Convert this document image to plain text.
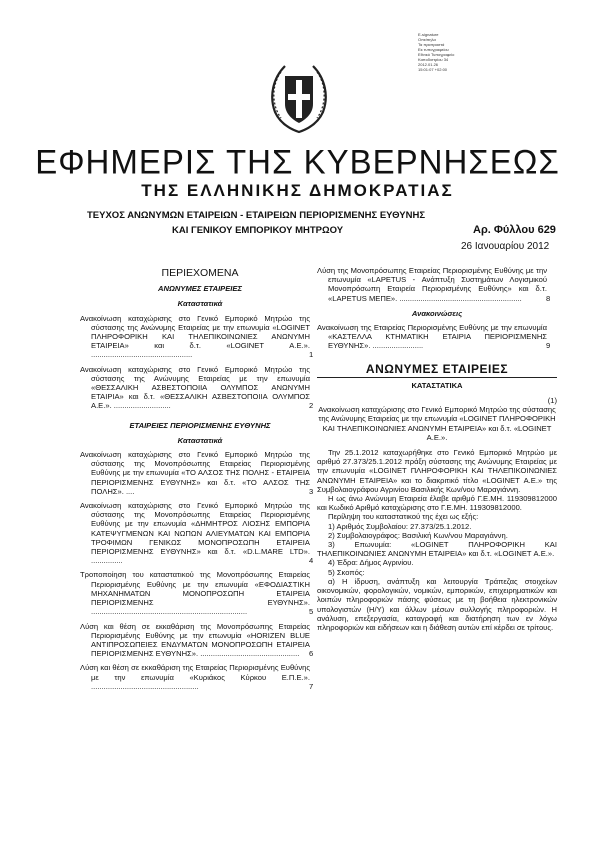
Ε-signature
Οπείπηλα
Τα πριστραστά
Εκ τυπογραφείου
Εθνικό Τυπογραφείο
Καποδιστρίου 34
2012.01.26
15:01:07 +02:00
ΕΦΗΜΕΡΙΣ ΤΗΣ ΚΥΒΕΡΝΗΣΕΩΣ
ΤΗΣ ΕΛΛΗΝΙΚΗΣ ΔΗΜΟΚΡΑΤΙΑΣ
ΤΕΥΧΟΣ ΑΝΩΝΥΜΩΝ ΕΤΑΙΡΕΙΩΝ - ΕΤΑΙΡΕΙΩΝ ΠΕΡΙΟΡΙΣΜΕΝΗΣ ΕΥΘΥΝΗΣ
ΚΑΙ ΓΕΝΙΚΟΥ ΕΜΠΟΡΙΚΟΥ ΜΗΤΡΩΟΥ	Αρ. Φύλλου 629
26 Ιανουαρίου 2012
ΠΕΡΙΕΧΟΜΕΝΑ
ΑΝΩΝΥΜΕΣ ΕΤΑΙΡΕΙΕΣ
Καταστατικά
Ανακοίνωση καταχώρισης στο Γενικό Εμπορικό Μητρώο της σύστασης της Ανώνυμης Εταιρείας με την επωνυμία «LOGINET ΠΛΗΡΟΦΟΡΙΚΗ ΚΑΙ ΤΗΛΕΠΙΚΟΙΝΩΝΙΕΣ ΑΝΩΝΥΜΗ ΕΤΑΙΡΕΙΑ» και δ.τ. «LOGINET Α.Ε.». ................................................	1
Ανακοίνωση καταχώρισης στο Γενικό Εμπορικό Μητρώο της σύστασης της Ανώνυμης Εταιρείας με την επωνυμία «ΘΕΣΣΑΛΙΚΗ ΑΣΒΕΣΤΟΠΟΙΙΑ ΟΛΥΜΠΟΣ ΑΝΩΝΥΜΗ ΕΤΑΙΡΙΑ» και δ.τ. «ΘΕΣΣΑΛΙΚΗ ΑΣΒΕΣΤΟΠΟΙΙΑ ΟΛΥΜΠΟΣ Α.Ε.». ...........................	2
ΕΤΑΙΡΕΙΕΣ ΠΕΡΙΟΡΙΣΜΕΝΗΣ ΕΥΘΥΝΗΣ
Καταστατικά
Ανακοίνωση καταχώρισης στο Γενικό Εμπορικό Μητρώο της σύστασης της Μονοπρόσωπης Εταιρείας Περιορισμένης Ευθύνης με την επωνυμία «ΤΟ ΑΛΣΟΣ ΤΗΣ ΠΟΛΗΣ - ΕΤΑΙΡΕΙΑ ΠΕΡΙΟΡΙΣΜΕΝΗΣ ΕΥΘΥΝΗΣ» και δ.τ. «ΤΟ ΑΛΣΟΣ ΤΗΣ ΠΟΛΗΣ». ....	3
Ανακοίνωση καταχώρισης στο Γενικό Εμπορικό Μητρώο της σύστασης της Μονοπρόσωπης Εταιρείας Περιορισμένης Ευθύνης με την επωνυμία «ΔΗΜΗΤΡΟΣ ΛΙΟΣΗΣ ΕΜΠΟΡΙΑ ΚΑΤΕΨΥΓΜΕΝΩΝ ΚΑΙ ΝΩΠΩΝ ΑΛΙΕΥΜΑΤΩΝ ΚΑΙ ΕΜΠΟΡΙΑ ΤΡΟΦΙΜΩΝ ΓΕΝΙΚΩΣ ΜΟΝΟΠΡΟΣΩΠΗ ΕΤΑΙΡΕΙΑ ΠΕΡΙΟΡΙΣΜΕΝΗΣ ΕΥΘΥΝΗΣ» και δ.τ. «D.L.MARE LTD». ...............	4
Τροποποίηση του καταστατικού της Μονοπρόσωπης Εταιρείας Περιορισμένης Ευθύνης με την επωνυμία «ΕΦΟΔΙΑΣΤΙΚΗ ΜΗΧΑΝΗΜΑΤΩΝ ΜΟΝΟΠΡΟΣΩΠΗ ΕΤΑΙΡΕΙΑ ΠΕΡΙΟΡΙΣΜΕΝΗΣ ΕΥΘΥΝΗΣ». ..........................................................................	5
Λύση και θέση σε εκκαθάριση της Μονοπρόσωπης Εταιρείας Περιορισμένης Ευθύνης με την επωνυμία «HORIZEN BLUE ΑΝΤΙΠΡΟΣΩΠΕΙΕΣ ΕΝΔΥΜΑΤΩΝ ΜΟΝΟΠΡΟΣΩΠΗ ΕΤΑΙΡΕΙΑ ΠΕΡΙΟΡΙΣΜΕΝΗΣ ΕΥΘΥΝΗΣ». ............................................... 6
Λύση και θέση σε εκκαθάριση της Εταιρείας Περιορισμένης Ευθύνης με την επωνυμία «Κυριάκος Κύρκου Ε.Π.Ε.». ...................................................	7
Λύση της Μονοπρόσωπης Εταιρείας Περιορισμένης Ευθύνης με την επωνυμία «LAPETUS - Ανάπτυξη Συστημάτων Λογισμικού Μονοπρόσωπη Εταιρεία Περιορισμένης Ευθύνης» και δ.τ. «LAPETUS ΜΕΠΕ». ..........................................................	8
Ανακοινώσεις
Ανακοίνωση της Εταιρείας Περιορισμένης Ευθύνης με την επωνυμία «ΚΑΣΤΕΛΛΑ ΚΤΗΜΑΤΙΚΗ ΕΤΑΙΡΙΑ ΠΕΡΙΟΡΙΣΜΕΝΗΣ ΕΥΘΥΝΗΣ». ........................	9
ΑΝΩΝΥΜΕΣ ΕΤΑΙΡΕΙΕΣ
ΚΑΤΑΣΤΑΤΙΚΑ
(1)
Ανακοίνωση καταχώρισης στο Γενικό Εμπορικό Μητρώο της σύστασης της Ανώνυμης Εταιρείας με την επωνυμία «LOGINET ΠΛΗΡΟΦΟΡΙΚΗ ΚΑΙ ΤΗΛΕΠΙΚΟΙΝΩΝΙΕΣ ΑΝΩΝΥΜΗ ΕΤΑΙΡΕΙΑ» και δ.τ. «LOGINET Α.Ε.».
Την 25.1.2012 καταχωρήθηκε στο Γενικό Εμπορικό Μητρώο με αριθμό 27.373/25.1.2012 πράξη σύστασης της Ανώνυμης Εταιρείας με την επωνυμία «LOGINET ΠΛΗΡΟΦΟΡΙΚΗ ΚΑΙ ΤΗΛΕΠΙΚΟΙΝΩΝΙΕΣ ΑΝΩΝΥΜΗ ΕΤΑΙΡΕΙΑ» και το διακριτικό τίτλο «LOGINET Α.Ε.» της Συμβολαιογράφου Αγρινίου Βασιλικής Κων/νου Μαραγιάννη.
Η ως άνω Ανώνυμη Εταιρεία έλαβε αριθμό Γ.Ε.ΜΗ. 119309812000 και Κωδικό Αριθμό καταχώρισης στο Γ.Ε.ΜΗ. 119309812000.
Περίληψη του καταστατικού της έχει ως εξής:
1) Αριθμός Συμβολαίου: 27.373/25.1.2012.
2) Συμβολαιογράφος: Βασιλική Κων/νου Μαραγιάννη.
3) Επωνυμία: «LOGINET ΠΛΗΡΟΦΟΡΙΚΗ ΚΑΙ ΤΗΛΕΠΙΚΟΙΝΩΝΙΕΣ ΑΝΩΝΥΜΗ ΕΤΑΙΡΕΙΑ» και δ.τ. «LOGINET Α.Ε.».
4) Έδρα: Δήμος Αγρινίου.
5) Σκοπός:
α) Η ίδρυση, ανάπτυξη και λειτουργία Τράπεζας στοιχείων οικονομικών, φορολογικών, νομικών, εμπορικών, επιχειρηματικών και λοιπών πληροφοριών πάσης φύσεως με τη βοήθεια ηλεκτρονικών υπολογιστών (Η/Υ) και άλλων μέσων συλλογής πληροφοριών. Η ανάλυση, επεξεργασία, καταγραφή και διατήρηση των εν λόγω πληροφοριών και ειδήσεων και η διάθεση αυτών επί κέρδει σε τρίτους.
